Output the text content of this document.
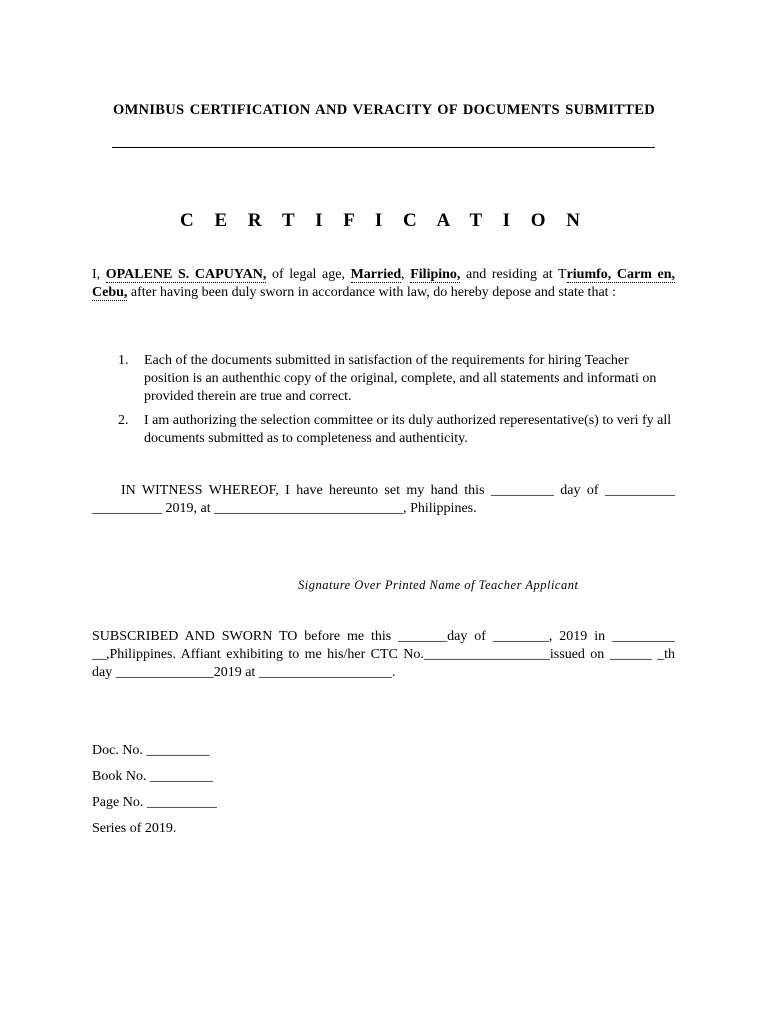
OMNIBUS CERTIFICATION AND VERACITY OF DOCUMENTS SUBMITTED
C E R T I F I C A T I O N
I, OPALENE S. CAPUYAN, of legal age, Married, Filipino, and residing at Triumfo, Carm en, Cebu, after having been duly sworn in accordance with law, do hereby depose and state that :
1. Each of the documents submitted in satisfaction of the requirements for hiring Teacher position is an authenthic copy of the original, complete, and all statements and informati on provided therein are true and correct.
2. I am authorizing the selection committee or its duly authorized reperesentative(s) to veri fy all documents submitted as to completeness and authenticity.
IN WITNESS WHEREOF, I have hereunto set my hand this _________ day of __________ __________ 2019, at ___________________________, Philippines.
Signature Over Printed Name of Teacher Applicant
SUBSCRIBED AND SWORN TO before me this _______day of ________, 2019 in _________ __,Philippines. Affiant exhibiting to me his/her CTC No.__________________issued on ______ _th day ______________2019 at ___________________.
Doc. No. _________
Book No. _________
Page No. __________
Series of 2019.
